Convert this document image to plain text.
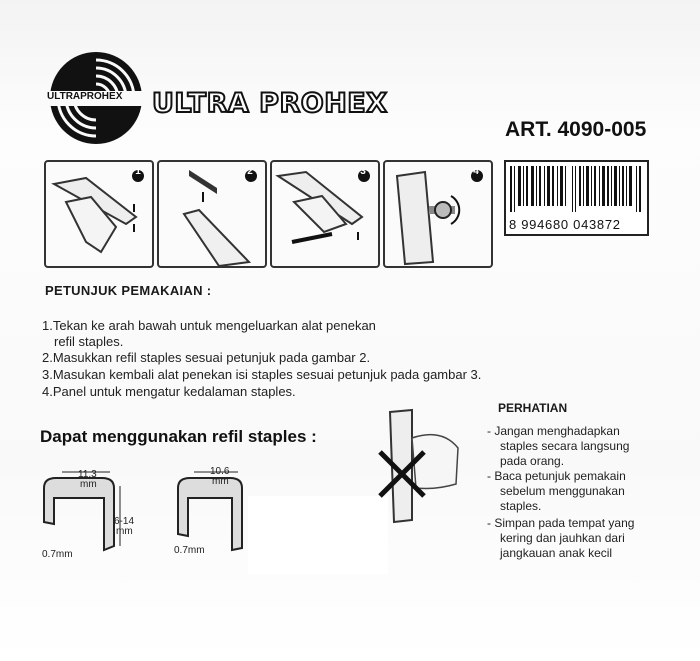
ULTRAPROHEX ULTRA PROHEX
ART. 4090-005
1	2	3	4
8 994680 043872
PETUNJUK PEMAKAIAN :
1.Tekan ke arah bawah untuk mengeluarkan alat penekan
refil staples.
2.Masukkan refil staples sesuai petunjuk pada gambar 2.
3.Masukan kembali alat penekan isi staples sesuai petunjuk pada gambar 3.
4.Panel untuk mengatur kedalaman staples.
Dapat menggunakan refil staples :
11.3
mm
6-14
mm
0.7mm
10.6
mm
0.7mm
PERHATIAN
- Jangan menghadapkan
staples secara langsung
pada orang.
- Baca petunjuk pemakain
sebelum menggunakan
staples.
- Simpan pada tempat yang
kering dan jauhkan dari
jangkauan anak kecil
